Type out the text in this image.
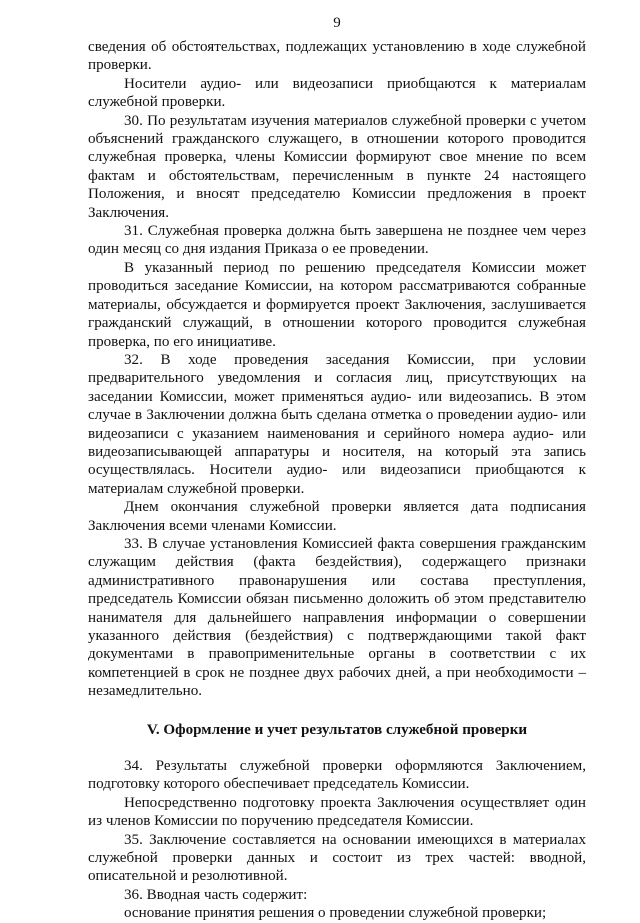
9

сведения об обстоятельствах, подлежащих установлению в ходе служебной проверки.

Носители аудио- или видеозаписи приобщаются к материалам служебной проверки.

30. По результатам изучения материалов служебной проверки с учетом объяснений гражданского служащего, в отношении которого проводится служебная проверка, члены Комиссии формируют свое мнение по всем фактам и обстоятельствам, перечисленным в пункте 24 настоящего Положения, и вносят председателю Комиссии предложения в проект Заключения.

31. Служебная проверка должна быть завершена не позднее чем через один месяц со дня издания Приказа о ее проведении.

В указанный период по решению председателя Комиссии может проводиться заседание Комиссии, на котором рассматриваются собранные материалы, обсуждается и формируется проект Заключения, заслушивается гражданский служащий, в отношении которого проводится служебная проверка, по его инициативе.

32. В ходе проведения заседания Комиссии, при условии предварительного уведомления и согласия лиц, присутствующих на заседании Комиссии, может применяться аудио- или видеозапись. В этом случае в Заключении должна быть сделана отметка о проведении аудио- или видеозаписи с указанием наименования и серийного номера аудио- или видеозаписывающей аппаратуры и носителя, на который эта запись осуществлялась. Носители аудио- или видеозаписи приобщаются к материалам служебной проверки.

Днем окончания служебной проверки является дата подписания Заключения всеми членами Комиссии.

33. В случае установления Комиссией факта совершения гражданским служащим действия (факта бездействия), содержащего признаки административного правонарушения или состава преступления, председатель Комиссии обязан письменно доложить об этом представителю нанимателя для дальнейшего направления информации о совершении указанного действия (бездействия) с подтверждающими такой факт документами в правоприменительные органы в соответствии с их компетенцией в срок не позднее двух рабочих дней, а при необходимости – незамедлительно.

V. Оформление и учет результатов служебной проверки

34. Результаты служебной проверки оформляются Заключением, подготовку которого обеспечивает председатель Комиссии.

Непосредственно подготовку проекта Заключения осуществляет один из членов Комиссии по поручению председателя Комиссии.

35. Заключение составляется на основании имеющихся в материалах служебной проверки данных и состоит из трех частей: вводной, описательной и резолютивной.

36. Вводная часть содержит:

основание принятия решения о проведении служебной проверки;
